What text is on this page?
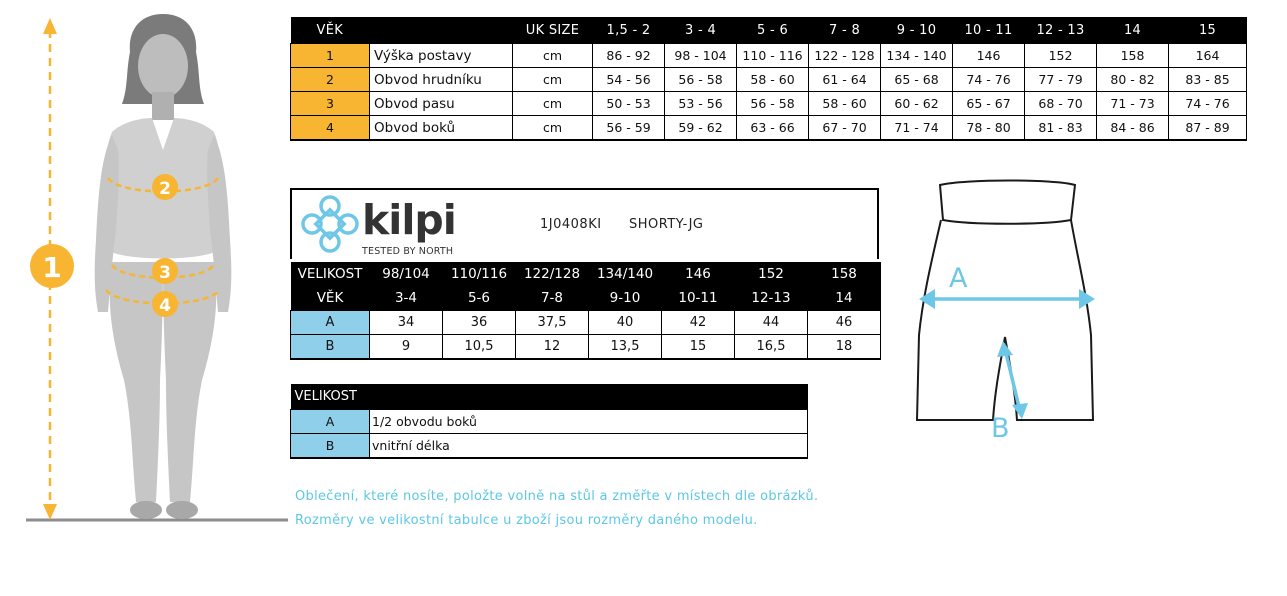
1
2
3
4
VĚK		UK SIZE	1,5 - 2	3 - 4	5 - 6	7 - 8	9 - 10	10 - 11	12 - 13	14	15
1	Výška postavy	cm	86 - 92	98 - 104	110 - 116	122 - 128	134 - 140	146	152	158	164
2	Obvod hrudníku	cm	54 - 56	56 - 58	58 - 60	61 - 64	65 - 68	74 - 76	77 - 79	80 - 82	83 - 85
3	Obvod pasu	cm	50 - 53	53 - 56	56 - 58	58 - 60	60 - 62	65 - 67	68 - 70	71 - 73	74 - 76
4	Obvod boků	cm	56 - 59	59 - 62	63 - 66	67 - 70	71 - 74	78 - 80	81 - 83	84 - 86	87 - 89
kilpi
TESTED BY NORTH
1J0408KI SHORTY-JG
VELIKOST	98/104	110/116	122/128	134/140	146	152	158
VĚK	3-4	5-6	7-8	9-10	10-11	12-13	14
A	34	36	37,5	40	42	44	46
B	9	10,5	12	13,5	15	16,5	18
VELIKOST	
A	1/2 obvodu boků
B	vnitřní délka
Oblečení, které nosíte, položte volně na stůl a změřte v místech dle obrázků.
Rozměry ve velikostní tabulce u zboží jsou rozměry daného modelu.
A
B
